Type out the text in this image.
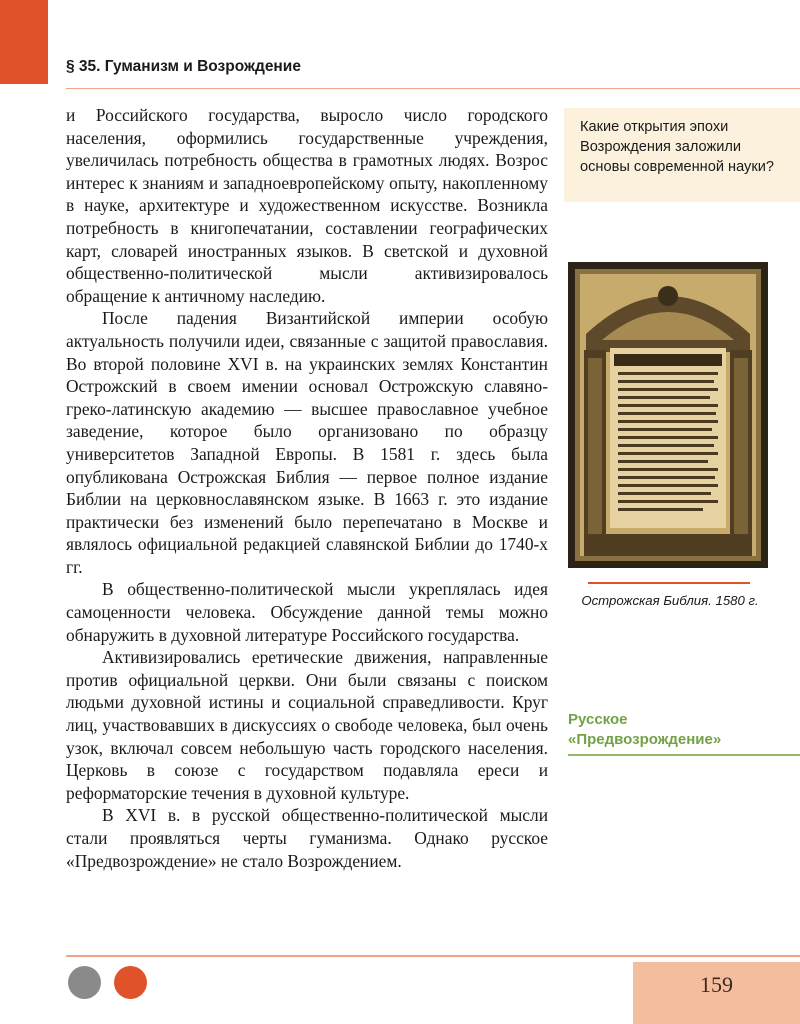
§ 35. Гуманизм и Возрождение

и Российского государства, выросло число городского населения, оформились государственные учреждения, увеличилась потребность общества в грамотных людях. Возрос интерес к знаниям и западноевропейскому опыту, накопленному в науке, архитектуре и художественном искусстве. Возникла потребность в книгопечатании, составлении географических карт, словарей иностранных языков. В светской и духовной общественно-политической мысли активизировалось обращение к античному наследию.

После падения Византийской империи особую актуальность получили идеи, связанные с защитой православия. Во второй половине XVI в. на украинских землях Константин Острожский в своем имении основал Острожскую славяно-греко-латинскую академию — высшее православное учебное заведение, которое было организовано по образцу университетов Западной Европы. В 1581 г. здесь была опубликована Острожская Библия — первое полное издание Библии на церковнославянском языке. В 1663 г. это издание практически без изменений было перепечатано в Москве и являлось официальной редакцией славянской Библии до 1740-х гг.

В общественно-политической мысли укреплялась идея самоценности человека. Обсуждение данной темы можно обнаружить в духовной литературе Российского государства.

Активизировались еретические движения, направленные против официальной церкви. Они были связаны с поиском людьми духовной истины и социальной справедливости. Круг лиц, участвовавших в дискуссиях о свободе человека, был очень узок, включал совсем небольшую часть городского населения. Церковь в союзе с государством подавляла ереси и реформаторские течения в духовной культуре.

В XVI в. в русской общественно-политической мысли стали проявляться черты гуманизма. Однако русское «Предвозрождение» не стало Возрождением.

Какие открытия эпохи Возрождения заложили основы современной науки?
Острожская Библия. 1580 г.
Русское
«Предвозрождение»
159
